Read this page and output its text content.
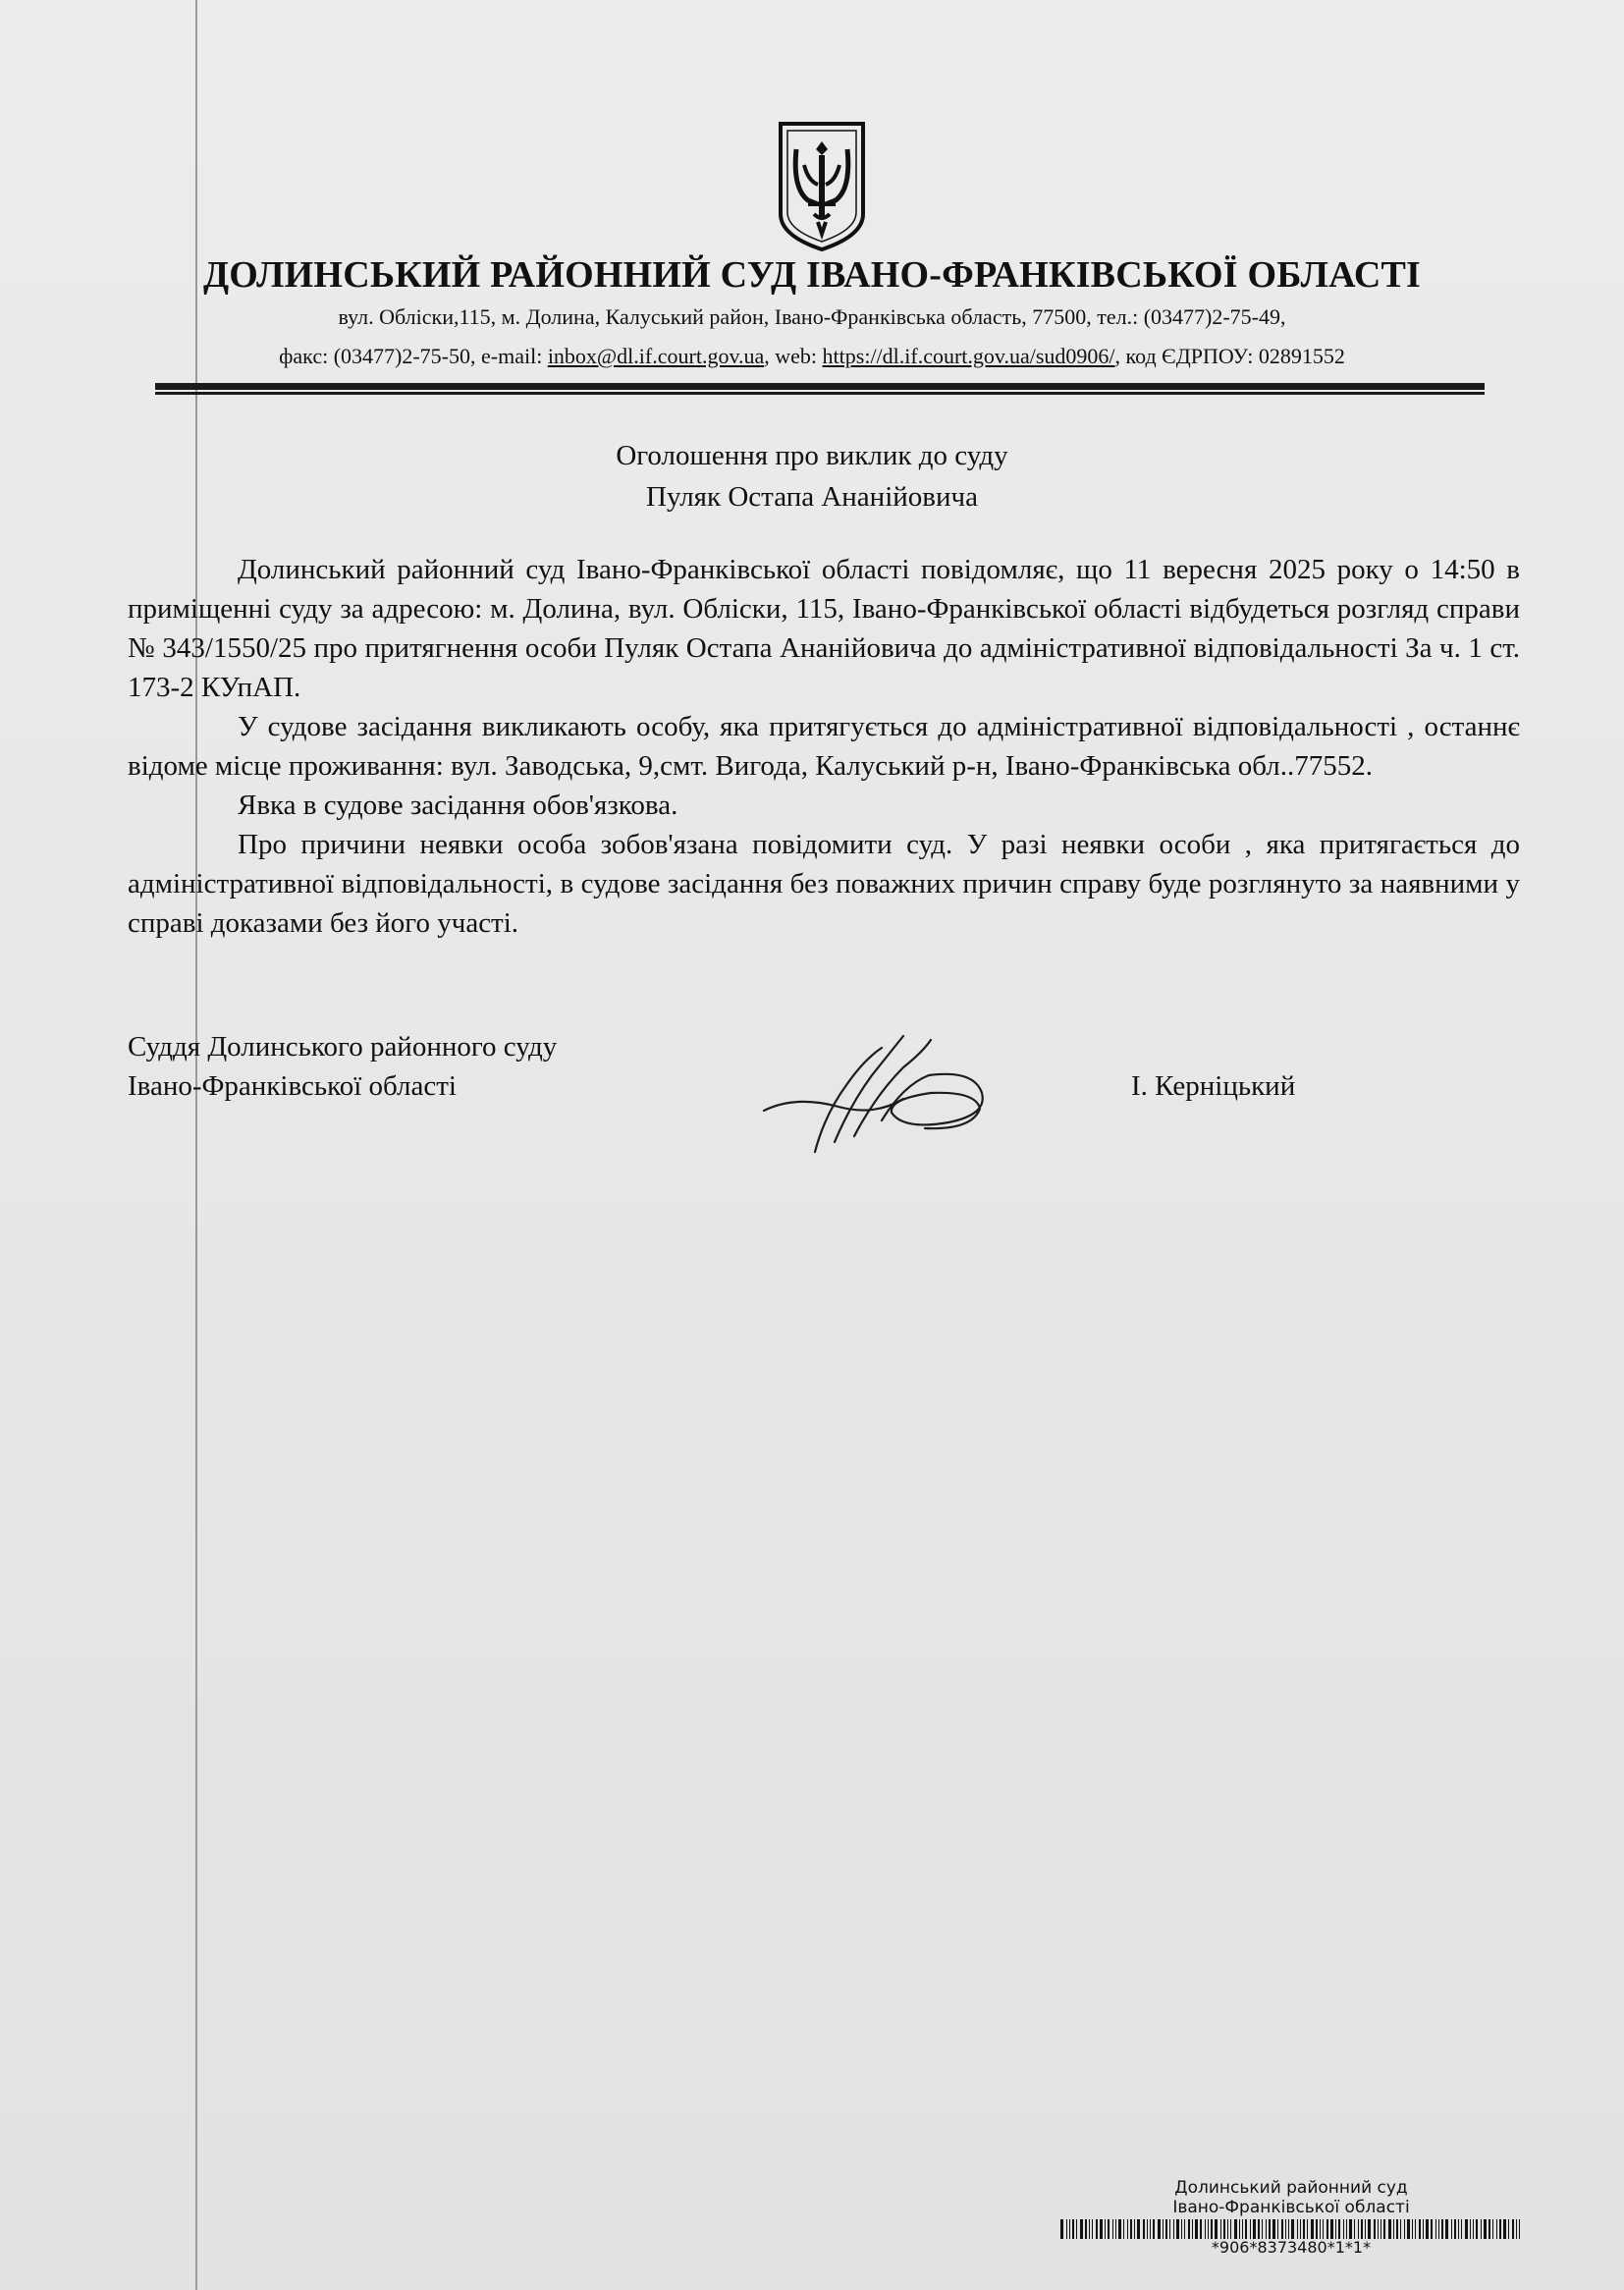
ДОЛИНСЬКИЙ РАЙОННИЙ СУД ІВАНО-ФРАНКІВСЬКОЇ ОБЛАСТІ
вул. Обліски,115, м. Долина, Калуський район, Івано-Франківська область, 77500, тел.: (03477)2-75-49,
факс: (03477)2-75-50, e-mail: inbox@dl.if.court.gov.ua, web: https://dl.if.court.gov.ua/sud0906/, код ЄДРПОУ: 02891552
Оголошення про виклик до суду
Пуляк Остапа Ананійовича

Долинський районний суд Івано-Франківської області повідомляє, що 11 вересня 2025 року о 14:50 в приміщенні суду за адресою: м. Долина, вул. Обліски, 115, Івано-Франківської області відбудеться розгляд справи № 343/1550/25 про притягнення особи Пуляк Остапа Ананійовича до адміністративної відповідальності За ч. 1 ст. 173-2 КУпАП.

У судове засідання викликають особу, яка притягується до адміністративної відповідальності , останнє відоме місце проживання: вул. Заводська, 9,смт. Вигода, Калуський р-н, Івано-Франківська обл..77552.

Явка в судове засідання обов'язкова.

Про причини неявки особа зобов'язана повідомити суд. У разі неявки особи , яка притягається до адміністративної відповідальності, в судове засідання без поважних причин справу буде розглянуто за наявними у справі доказами без його участі.

Суддя Долинського районного суду
Івано-Франківської області	І. Керніцький
Долинський районний суд
Івано-Франківської області
*906*8373480*1*1*
